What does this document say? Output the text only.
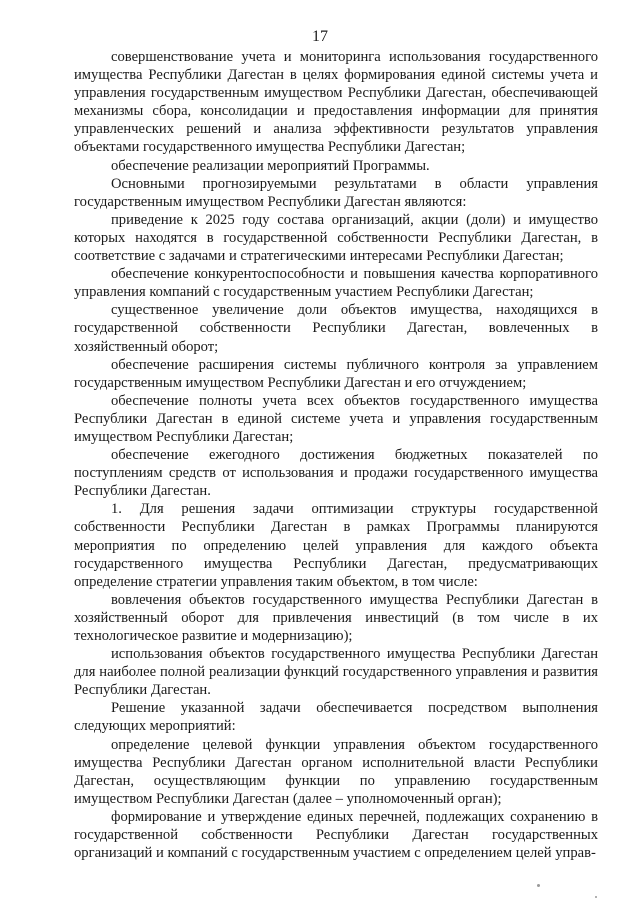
17

совершенствование учета и мониторинга использования государственного имущества Республики Дагестан в целях формирования единой системы учета и управления государственным имуществом Республики Дагестан, обеспечивающей механизмы сбора, консолидации и предоставления информации для принятия управленческих решений и анализа эффективности результатов управления объектами государственного имущества Республики Дагестан;

обеспечение реализации мероприятий Программы.

Основными прогнозируемыми результатами в области управления государственным имуществом Республики Дагестан являются:

приведение к 2025 году состава организаций, акции (доли) и имущество которых находятся в государственной собственности Республики Дагестан, в соответствие с задачами и стратегическими интересами Республики Дагестан;

обеспечение конкурентоспособности и повышения качества корпоративного управления компаний с государственным участием Республики Дагестан;

существенное увеличение доли объектов имущества, находящихся в государственной собственности Республики Дагестан, вовлеченных в хозяйственный оборот;

обеспечение расширения системы публичного контроля за управлением государственным имуществом Республики Дагестан и его отчуждением;

обеспечение полноты учета всех объектов государственного имущества Республики Дагестан в единой системе учета и управления государственным имуществом Республики Дагестан;

обеспечение ежегодного достижения бюджетных показателей по поступлениям средств от использования и продажи государственного имущества Республики Дагестан.

1. Для решения задачи оптимизации структуры государственной собственности Республики Дагестан в рамках Программы планируются мероприятия по определению целей управления для каждого объекта государственного имущества Республики Дагестан, предусматривающих определение стратегии управления таким объектом, в том числе:

вовлечения объектов государственного имущества Республики Дагестан в хозяйственный оборот для привлечения инвестиций (в том числе в их технологическое развитие и модернизацию);

использования объектов государственного имущества Республики Дагестан для наиболее полной реализации функций государственного управления и развития Республики Дагестан.

Решение указанной задачи обеспечивается посредством выполнения следующих мероприятий:

определение целевой функции управления объектом государственного имущества Республики Дагестан органом исполнительной власти Республики Дагестан, осуществляющим функции по управлению государственным имуществом Республики Дагестан (далее – уполномоченный орган);

формирование и утверждение единых перечней, подлежащих сохранению в государственной собственности Республики Дагестан государственных организаций и компаний с государственным участием с определением целей управ-
